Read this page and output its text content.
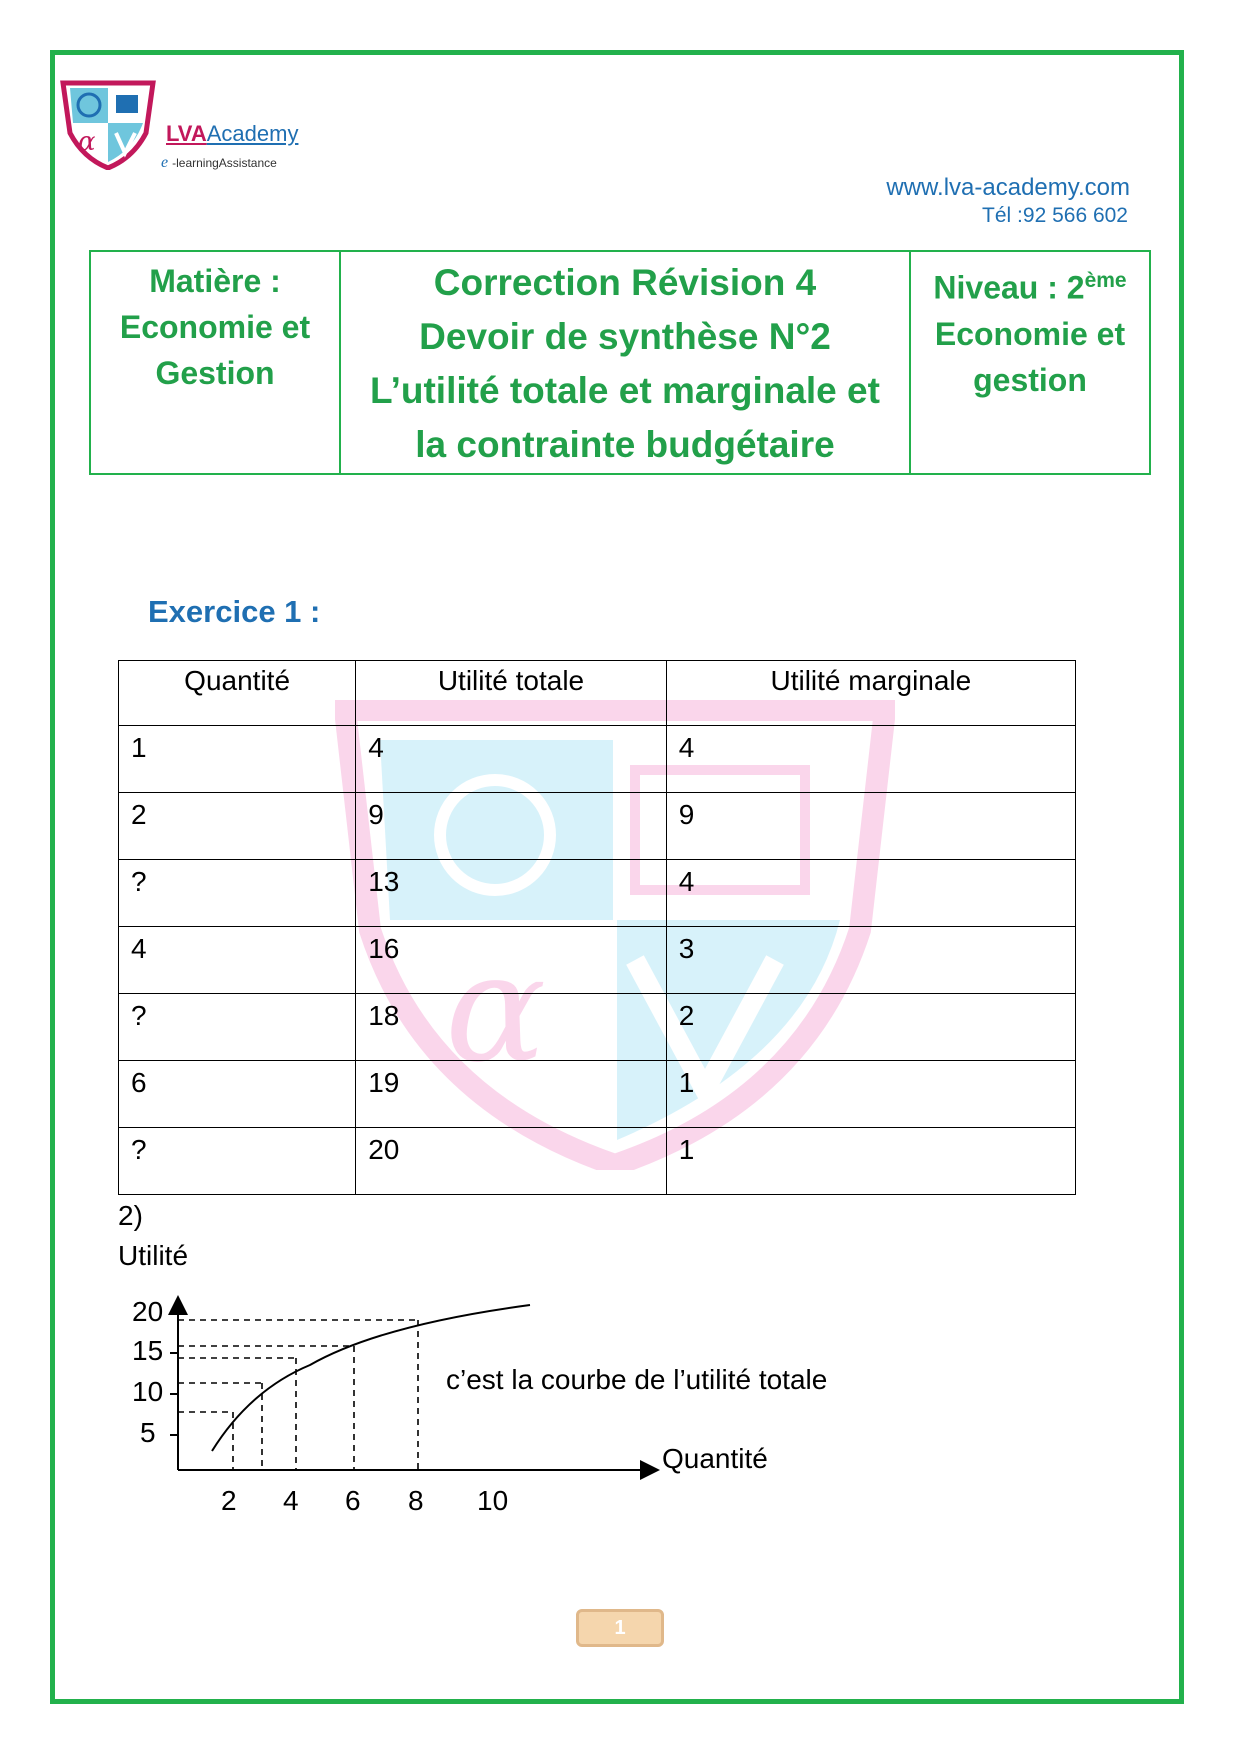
α	LVAAcademy
e -learningAssistance
www.lva-academy.com
Tél :92 566 602
Matière :
Economie et
Gestion

Correction Révision 4
Devoir de synthèse N°2
L’utilité totale et marginale et
la contrainte budgétaire

Niveau : 2ème
Economie et
gestion
Exercice 1 :
α
Quantité	Utilité totale	Utilité marginale
1	4	4
2	9	9
?	13	4
4	16	3
?	18	2
6	19	1
?	20	1
2)
Utilité
20
15
10
5
2 4 6 8 10
c’est la courbe de l’utilité totale
Quantité
1
